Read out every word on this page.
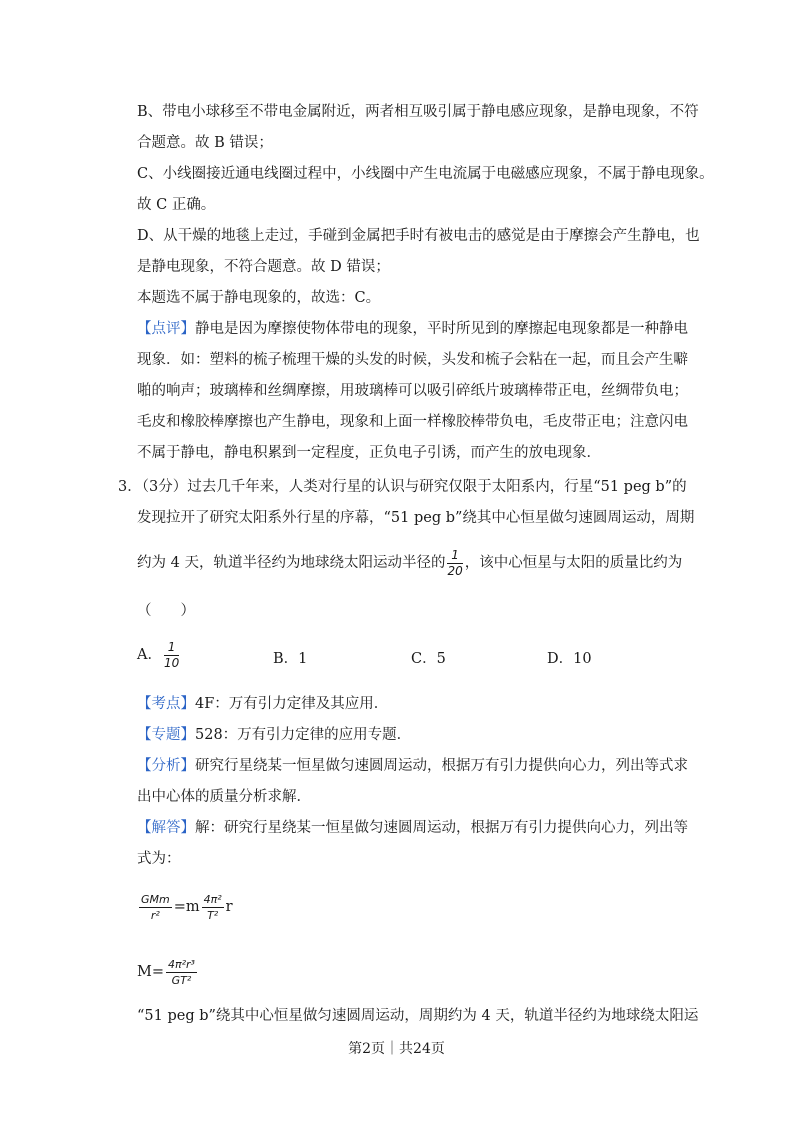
B、带电小球移至不带电金属附近，两者相互吸引属于静电感应现象，是静电现象，不符
合题意。故 B 错误；
C、小线圈接近通电线圈过程中，小线圈中产生电流属于电磁感应现象，不属于静电现象。
故 C 正确。
D、从干燥的地毯上走过，手碰到金属把手时有被电击的感觉是由于摩擦会产生静电，也
是静电现象，不符合题意。故 D 错误；
本题选不属于静电现象的，故选：C。
【点评】静电是因为摩擦使物体带电的现象，平时所见到的摩擦起电现象都是一种静电
现象．如：塑料的梳子梳理干燥的头发的时候，头发和梳子会粘在一起，而且会产生噼
啪的响声；玻璃棒和丝绸摩擦，用玻璃棒可以吸引碎纸片玻璃棒带正电，丝绸带负电；
毛皮和橡胶棒摩擦也产生静电，现象和上面一样橡胶棒带负电，毛皮带正电；注意闪电
不属于静电，静电积累到一定程度，正负电子引诱，而产生的放电现象．
3．（3分）过去几千年来，人类对行星的认识与研究仅限于太阳系内，行星“51 peg b”的
发现拉开了研究太阳系外行星的序幕，“51 peg b”绕其中心恒星做匀速圆周运动，周期
约为 4 天，轨道半径约为地球绕太阳运动半径的 $\frac{1}{20}$ ，该中心恒星与太阳的质量比约为
（　　）
A． $\frac{1}{10}$	B．1	C．5	D．10
【考点】4F：万有引力定律及其应用．
【专题】528：万有引力定律的应用专题．
【分析】研究行星绕某一恒星做匀速圆周运动，根据万有引力提供向心力，列出等式求
出中心体的质量分析求解．
【解答】解：研究行星绕某一恒星做匀速圆周运动，根据万有引力提供向心力，列出等
式为：
$\frac{\text{GMm}}{\text{r²}} =m \frac{\text{4π²}}{\text{T²}}$ r
$M= \frac{\text{4π²r³}}{\text{GT²}}$
“51 peg b”绕其中心恒星做匀速圆周运动，周期约为 4 天，轨道半径约为地球绕太阳运
第2页｜共24页
